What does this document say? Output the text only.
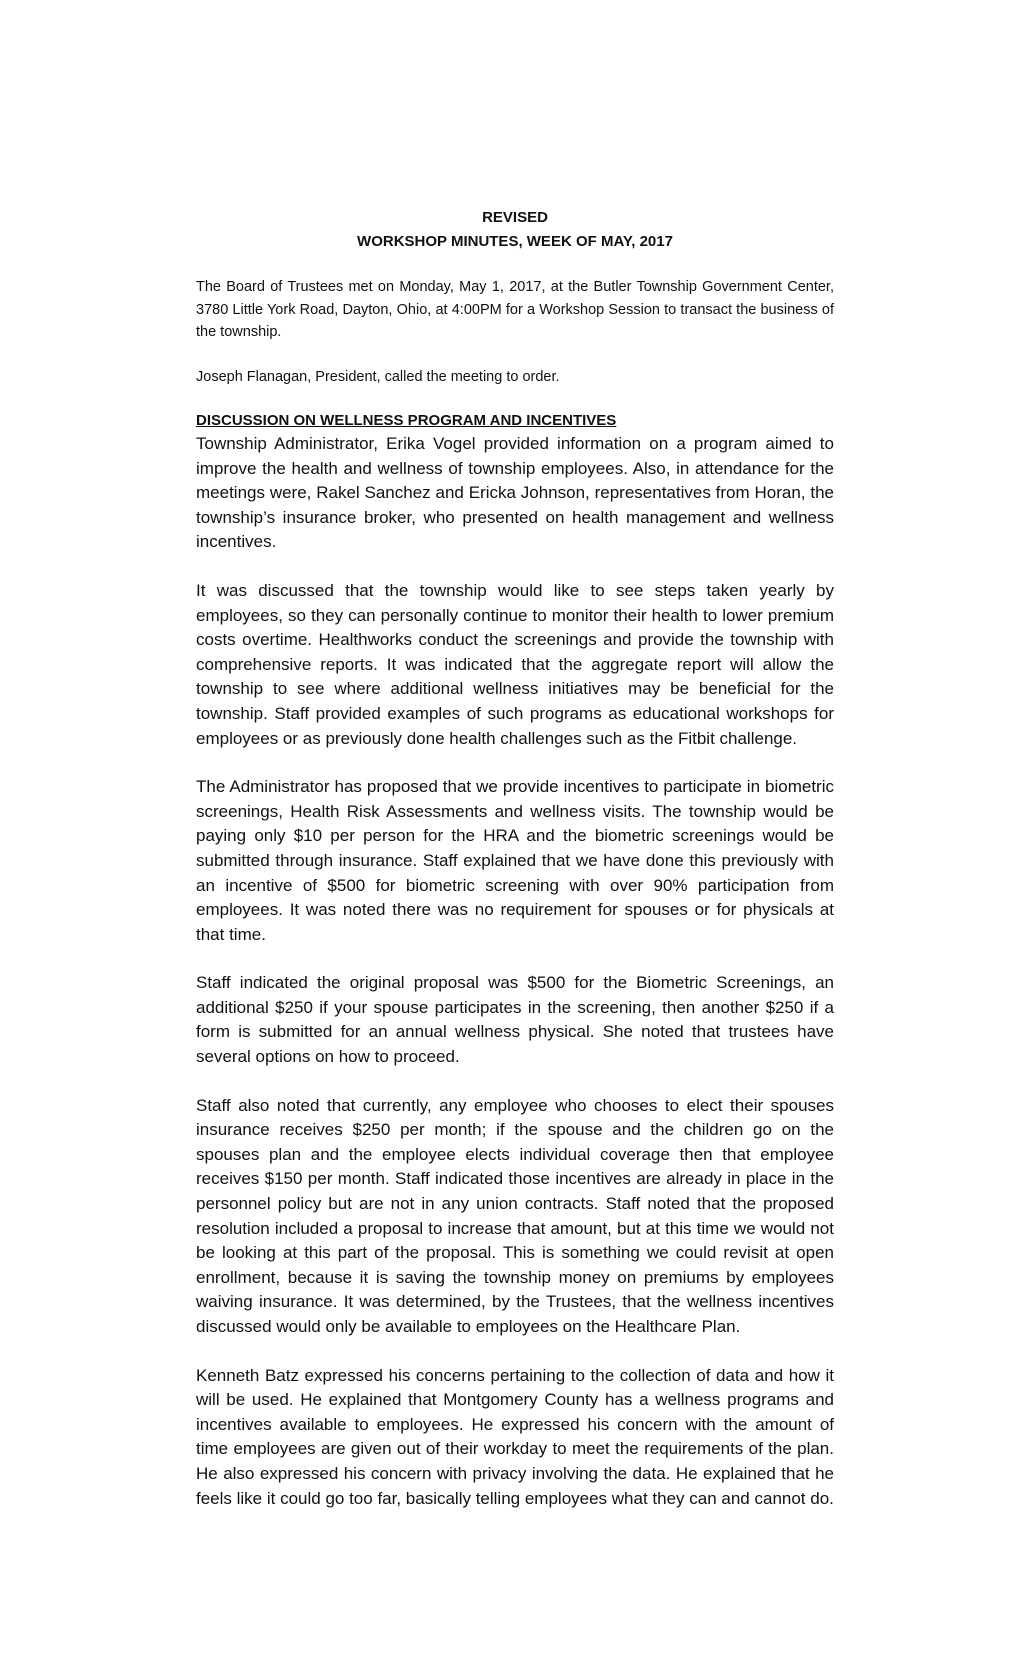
REVISED
WORKSHOP MINUTES, WEEK OF MAY, 2017

The Board of Trustees met on Monday, May 1, 2017, at the Butler Township Government Center, 3780 Little York Road, Dayton, Ohio, at 4:00PM for a Workshop Session to transact the business of the township.

Joseph Flanagan, President, called the meeting to order.

DISCUSSION ON WELLNESS PROGRAM AND INCENTIVES

Township Administrator, Erika Vogel provided information on a program aimed to improve the health and wellness of township employees. Also, in attendance for the meetings were, Rakel Sanchez and Ericka Johnson, representatives from Horan, the township’s insurance broker, who presented on health management and wellness incentives.

It was discussed that the township would like to see steps taken yearly by employees, so they can personally continue to monitor their health to lower premium costs overtime. Healthworks conduct the screenings and provide the township with comprehensive reports. It was indicated that the aggregate report will allow the township to see where additional wellness initiatives may be beneficial for the township. Staff provided examples of such programs as educational workshops for employees or as previously done health challenges such as the Fitbit challenge.

The Administrator has proposed that we provide incentives to participate in biometric screenings, Health Risk Assessments and wellness visits. The township would be paying only $10 per person for the HRA and the biometric screenings would be submitted through insurance. Staff explained that we have done this previously with an incentive of $500 for biometric screening with over 90% participation from employees. It was noted there was no requirement for spouses or for physicals at that time.

Staff indicated the original proposal was $500 for the Biometric Screenings, an additional $250 if your spouse participates in the screening, then another $250 if a form is submitted for an annual wellness physical. She noted that trustees have several options on how to proceed.

Staff also noted that currently, any employee who chooses to elect their spouses insurance receives $250 per month; if the spouse and the children go on the spouses plan and the employee elects individual coverage then that employee receives $150 per month. Staff indicated those incentives are already in place in the personnel policy but are not in any union contracts. Staff noted that the proposed resolution included a proposal to increase that amount, but at this time we would not be looking at this part of the proposal. This is something we could revisit at open enrollment, because it is saving the township money on premiums by employees waiving insurance. It was determined, by the Trustees, that the wellness incentives discussed would only be available to employees on the Healthcare Plan.

Kenneth Batz expressed his concerns pertaining to the collection of data and how it will be used. He explained that Montgomery County has a wellness programs and incentives available to employees. He expressed his concern with the amount of time employees are given out of their workday to meet the requirements of the plan. He also expressed his concern with privacy involving the data. He explained that he feels like it could go too far, basically telling employees what they can and cannot do.
